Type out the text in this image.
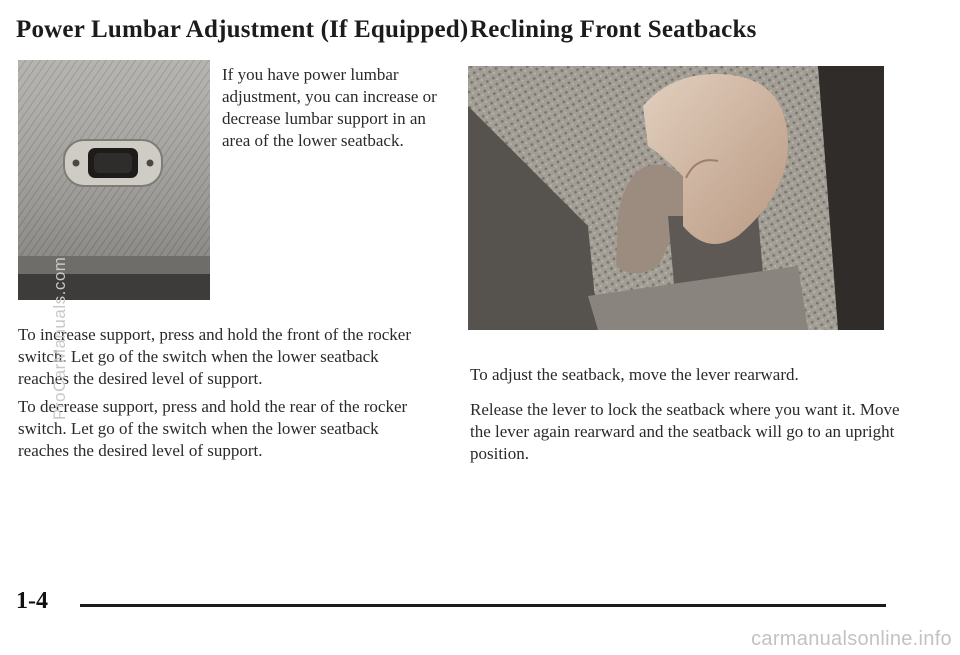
Power Lumbar Adjustment (If Equipped) Reclining Front Seatbacks

If you have power lumbar adjustment, you can increase or decrease lumbar support in an area of the lower seatback.

To increase support, press and hold the front of the rocker switch. Let go of the switch when the lower seatback reaches the desired level of support.

To decrease support, press and hold the rear of the rocker switch. Let go of the switch when the lower seatback reaches the desired level of support.

To adjust the seatback, move the lever rearward.

Release the lever to lock the seatback where you want it. Move the lever again rearward and the seatback will go to an upright position.

1-4
ProCarManuals.com
carmanualsonline.info
